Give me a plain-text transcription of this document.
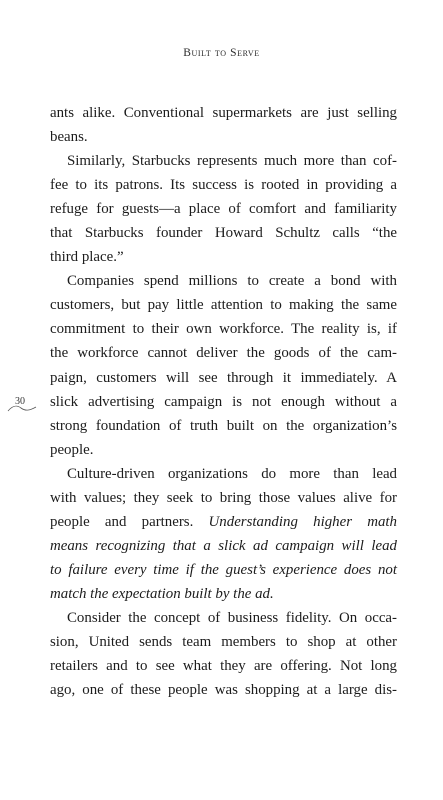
Built to Serve
30
ants alike. Conventional supermarkets are just selling
beans.
Similarly, Starbucks represents much more than cof-
fee to its patrons. Its success is rooted in providing a
refuge for guests—a place of comfort and familiarity
that Starbucks founder Howard Schultz calls “the
third place.”
Companies spend millions to create a bond with
customers, but pay little attention to making the same
commitment to their own workforce. The reality is, if
the workforce cannot deliver the goods of the cam-
paign, customers will see through it immediately. A
slick advertising campaign is not enough without a
strong foundation of truth built on the organization’s
people.
Culture-driven organizations do more than lead
with values; they seek to bring those values alive for
people and partners. Understanding higher math
means recognizing that a slick ad campaign will lead
to failure every time if the guest’s experience does not
match the expectation built by the ad.
Consider the concept of business fidelity. On occa-
sion, United sends team members to shop at other
retailers and to see what they are offering. Not long
ago, one of these people was shopping at a large dis-
